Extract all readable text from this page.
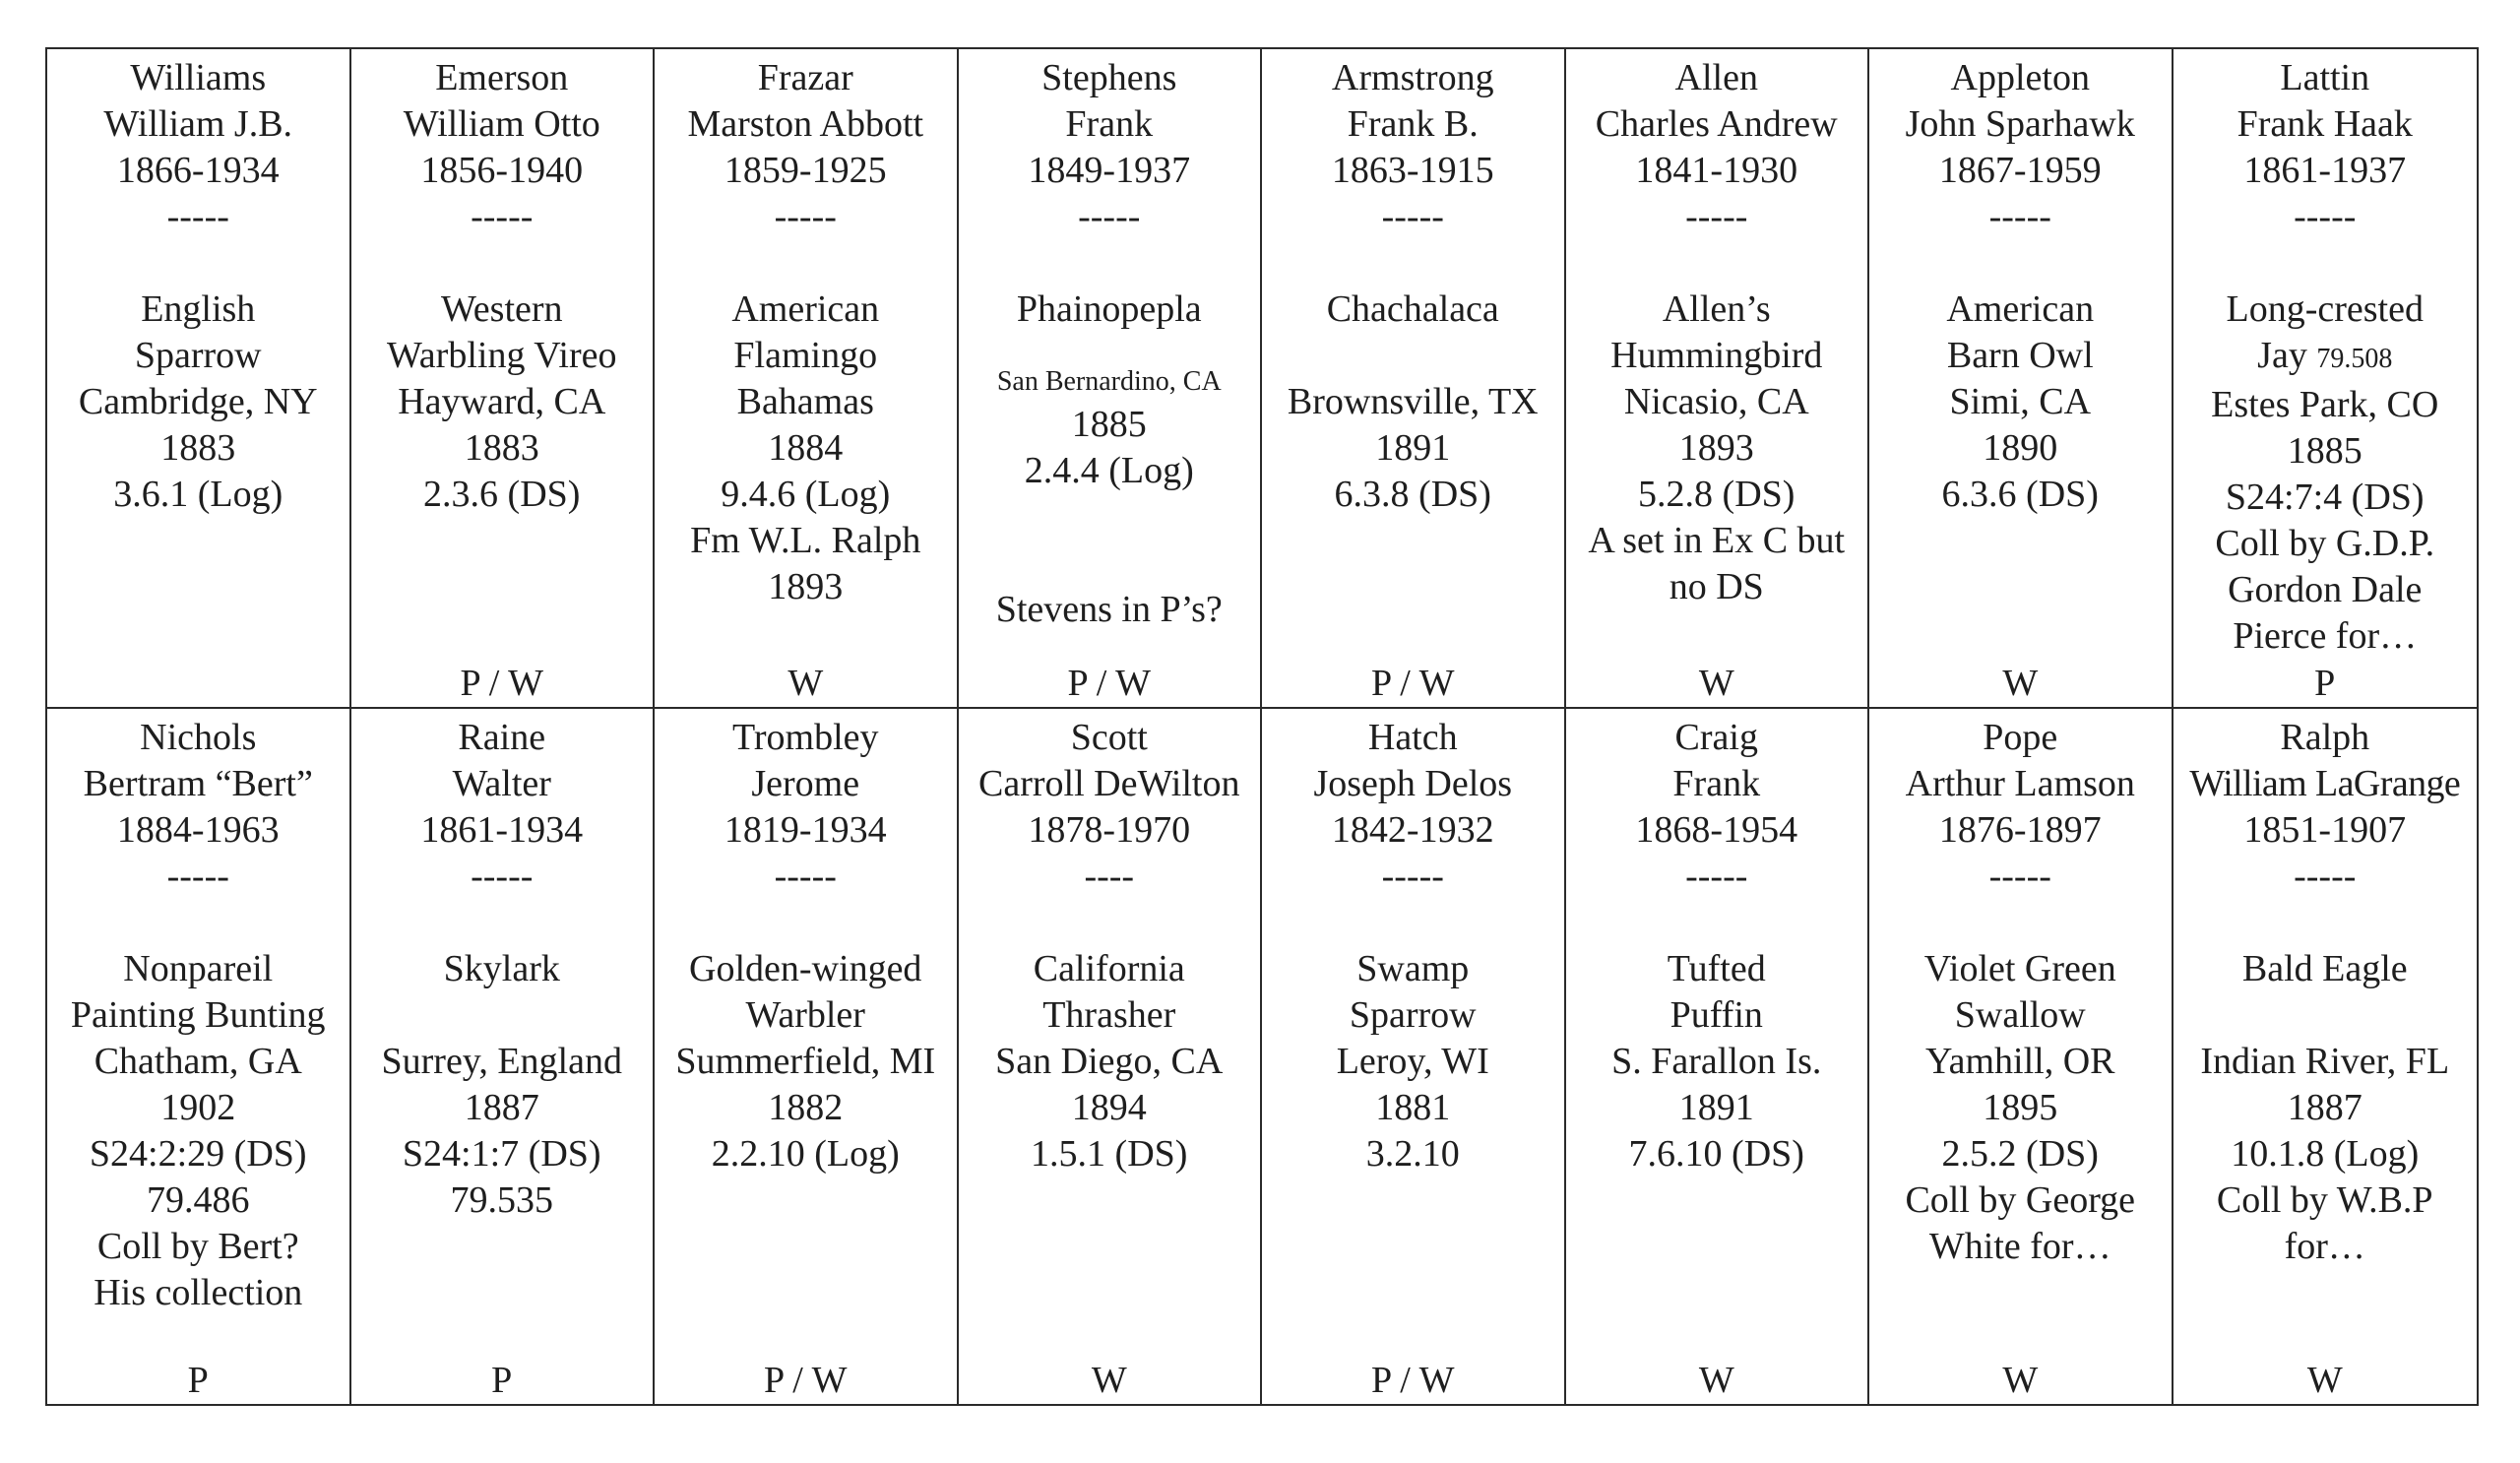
Williams
William J.B.
1866-1934
-----
English
Sparrow
Cambridge, NY
1883
3.6.1 (Log)
Emerson
William Otto
1856-1940
-----
Western
Warbling Vireo
Hayward, CA
1883
2.3.6 (DS)
P / W
Frazar
Marston Abbott
1859-1925
-----
American
Flamingo
Bahamas
1884
9.4.6 (Log)
Fm W.L. Ralph
1893
W
Stephens
Frank
1849-1937
-----
Phainopepla
San Bernardino, CA
1885
2.4.4 (Log)
Stevens in P’s?
P / W
Armstrong
Frank B.
1863-1915
-----
Chachalaca
Brownsville, TX
1891
6.3.8 (DS)
P / W
Allen
Charles Andrew
1841-1930
-----
Allen’s
Hummingbird
Nicasio, CA
1893
5.2.8 (DS)
A set in Ex C but
no DS
W
Appleton
John Sparhawk
1867-1959
-----
American
Barn Owl
Simi, CA
1890
6.3.6 (DS)
W
Lattin
Frank Haak
1861-1937
-----
Long-crested
Jay 79.508
Estes Park, CO
1885
S24:7:4 (DS)
Coll by G.D.P.
Gordon Dale
Pierce for…
P
Nichols
Bertram “Bert”
1884-1963
-----
Nonpareil
Painting Bunting
Chatham, GA
1902
S24:2:29 (DS)
79.486
Coll by Bert?
His collection
P
Raine
Walter
1861-1934
-----
Skylark
Surrey, England
1887
S24:1:7 (DS)
79.535
P
Trombley
Jerome
1819-1934
-----
Golden-winged
Warbler
Summerfield, MI
1882
2.2.10 (Log)
P / W
Scott
Carroll DeWilton
1878-1970
----
California
Thrasher
San Diego, CA
1894
1.5.1 (DS)
W
Hatch
Joseph Delos
1842-1932
-----
Swamp
Sparrow
Leroy, WI
1881
3.2.10
P / W
Craig
Frank
1868-1954
-----
Tufted
Puffin
S. Farallon Is.
1891
7.6.10 (DS)
W
Pope
Arthur Lamson
1876-1897
-----
Violet Green
Swallow
Yamhill, OR
1895
2.5.2 (DS)
Coll by George
White for…
W
Ralph
William LaGrange
1851-1907
-----
Bald Eagle
Indian River, FL
1887
10.1.8 (Log)
Coll by W.B.P
for…
W
